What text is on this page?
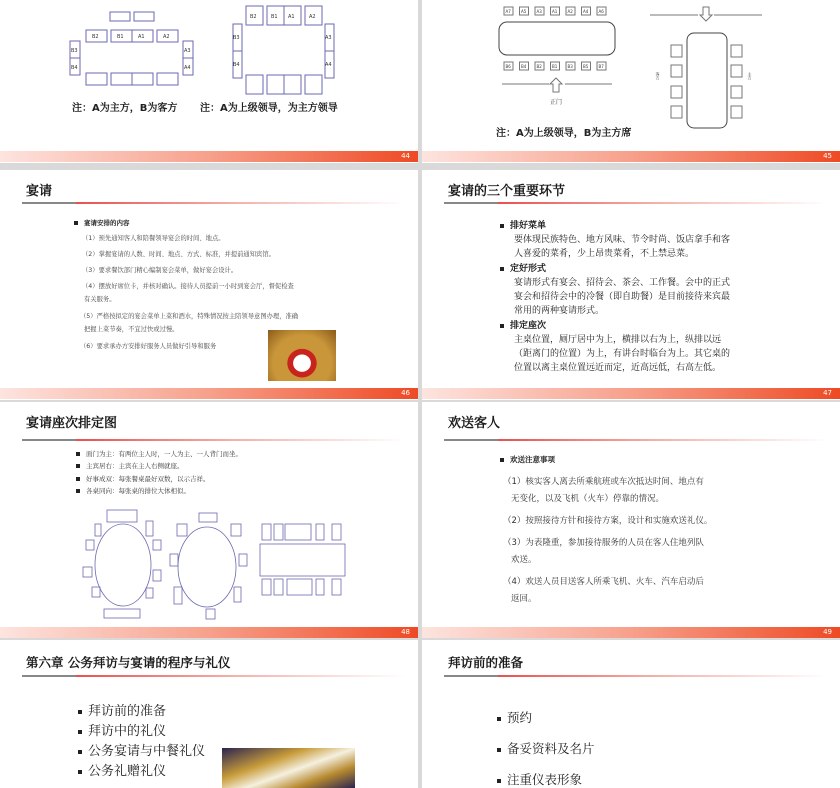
B2	B1	A1	A2
B3
B4
A3
A4
B2	B1 A1	A2
B3
B4
A3
A4
注：A为主方，B为客方 注：A为上级领导，为主方领导
44
A7	A5	A3	A1	A2	A4	A6
B6	B4	B2	B1	B3	B5	B7
正门
客方	主方
注：A为上级领导，B为主方席
45
宴请
宴请安排的内容
（1）预先通知客人和陪餐领导宴会的时间、地点。
（2）掌握宴请的人数、时间、地点、方式、标准，并提前通知宾馆。
（3）要求餐饮部门精心编制宴会菜单，做好宴会设计。
（4）摆放好席位卡，并核对确认。接待人员提前一小时到宴会厅，督促检查
有关服务。
（5）严格按拟定的宴会菜单上菜和酒水，特殊情况按主陪领导意图办理，准确
把握上菜节奏，不宜过快或过慢。
（6）要求承办方安排好服务人员做好引导和服务
46
宴请的三个重要环节
排好菜单
要体现民族特色、地方风味、节令时尚、饭店拿手和客
人喜爱的菜肴，少上昂贵菜肴，不上禁忌菜。
定好形式
宴请形式有宴会、招待会、茶会、工作餐。会中的正式
宴会和招待会中的冷餐（即自助餐）是目前接待来宾最
常用的两种宴请形式。
排定座次
主桌位置，厕厅居中为上，横排以右为上，纵排以远
（距离门的位置）为上，有讲台时临台为上。其它桌的
位置以离主桌位置远近而定，近高远低，右高左低。
47
宴请座次排定图
面门为主：有两位主人时，一人为主、一人背门而坐。
主宾居右：主宾在主人右侧就座。
好事成双：每张餐桌最好双数，以示吉祥。
各桌同向：每张桌的排位大体相似。
48
欢送客人
欢送注意事项
（1）核实客人离去所乘航班或车次抵达时间、地点有
无变化，以及飞机（火车）停靠的情况。
（2）按照接待方针和接待方案，设计和实施欢送礼仪。
（3）为表隆重，参加接待服务的人员在客人住地列队
欢送。
（4）欢送人员目送客人所乘飞机、火车、汽车启动后
返回。
49
第六章 公务拜访与宴请的程序与礼仪
拜访前的准备
拜访中的礼仪
公务宴请与中餐礼仪
公务礼赠礼仪
拜访前的准备
预约
备妥资料及名片
注重仪表形象
